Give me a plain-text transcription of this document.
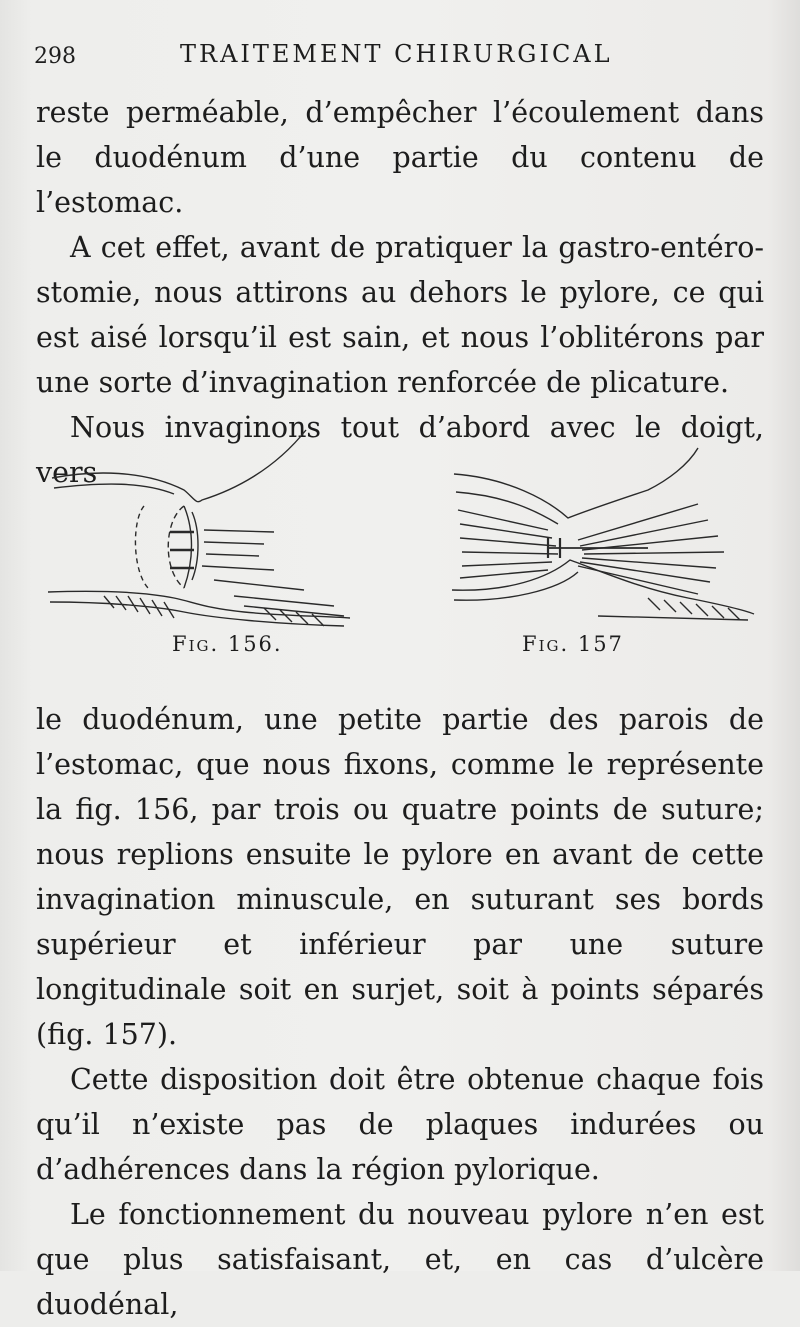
298	TRAITEMENT CHIRURGICAL

reste perméable, d’empêcher l’écoulement dans le duodénum d’une partie du contenu de l’estomac.

A cet effet, avant de pratiquer la gastro-entéro-stomie, nous attirons au dehors le pylore, ce qui est aisé lorsqu’il est sain, et nous l’oblitérons par une sorte d’invagination renforcée de plicature.

Nous invaginons tout d’abord avec le doigt, vers

Fig. 156.	Fig. 157

le duodénum, une petite partie des parois de l’estomac, que nous fixons, comme le représente la fig. 156, par trois ou quatre points de suture; nous replions ensuite le pylore en avant de cette invagination minuscule, en suturant ses bords supérieur et inférieur par une suture longitudinale soit en surjet, soit à points séparés (fig. 157).

Cette disposition doit être obtenue chaque fois qu’il n’existe pas de plaques indurées ou d’adhérences dans la région pylorique.

Le fonctionnement du nouveau pylore n’en est que plus satisfaisant, et, en cas d’ulcère duodénal,
